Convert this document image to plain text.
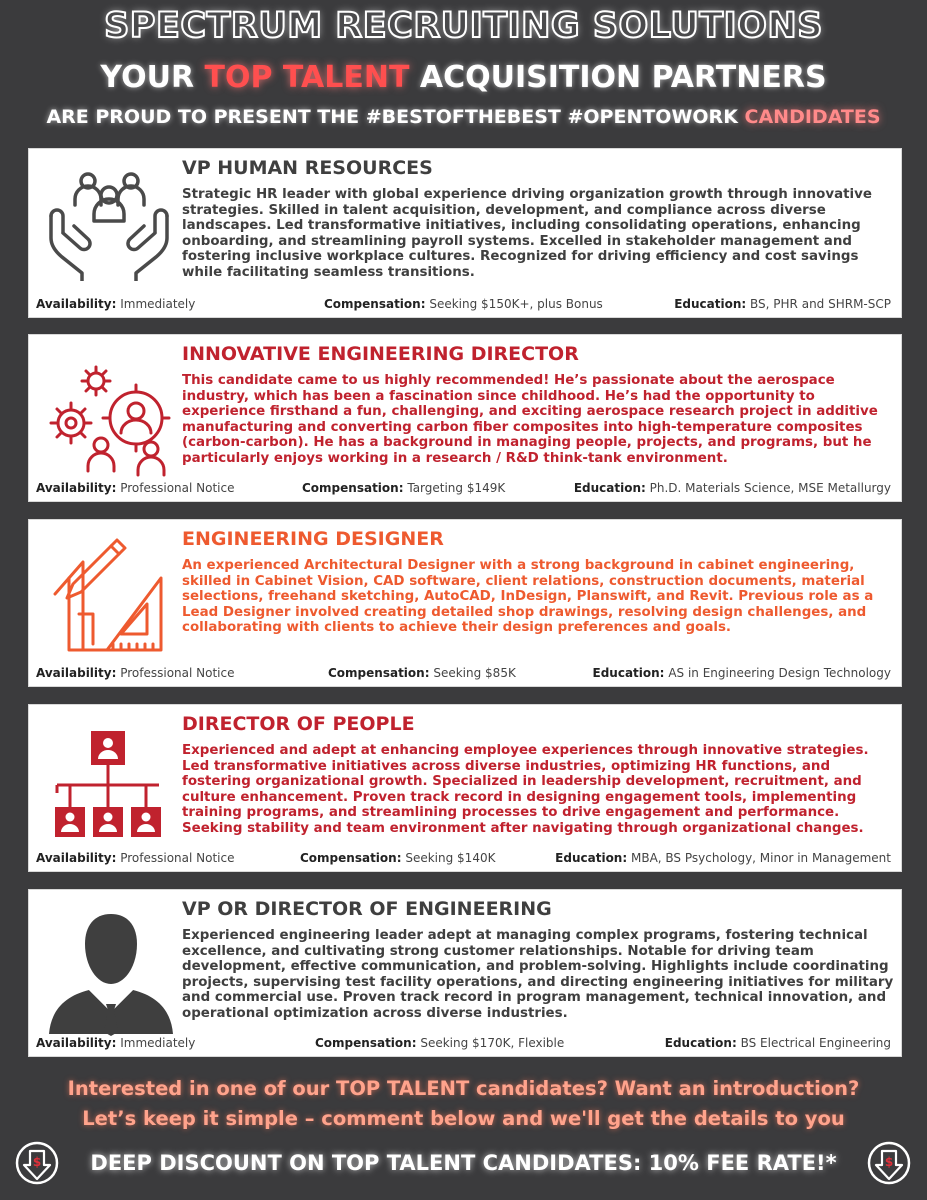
SPECTRUM RECRUITING SOLUTIONS
YOUR TOP TALENT ACQUISITION PARTNERS
ARE PROUD TO PRESENT THE #BESTOFTHEBEST #OPENTOWORK CANDIDATES
VP HUMAN RESOURCES

Strategic HR leader with global experience driving organization growth through innovative strategies. Skilled in talent acquisition, development, and compliance across diverse landscapes. Led transformative initiatives, including consolidating operations, enhancing onboarding, and streamlining payroll systems. Excelled in stakeholder management and fostering inclusive workplace cultures. Recognized for driving efficiency and cost savings while facilitating seamless transitions.

Availability: Immediately	Compensation: Seeking $150K+, plus Bonus	Education: BS, PHR and SHRM-SCP
INNOVATIVE ENGINEERING DIRECTOR

This candidate came to us highly recommended! He’s passionate about the aerospace industry, which has been a fascination since childhood. He’s had the opportunity to experience firsthand a fun, challenging, and exciting aerospace research project in additive manufacturing and converting carbon fiber composites into high-temperature composites (carbon-carbon). He has a background in managing people, projects, and programs, but he particularly enjoys working in a research / R&D think-tank environment.

Availability: Professional Notice	Compensation: Targeting $149K	Education: Ph.D. Materials Science, MSE Metallurgy
ENGINEERING DESIGNER

An experienced Architectural Designer with a strong background in cabinet engineering, skilled in Cabinet Vision, CAD software, client relations, construction documents, material selections, freehand sketching, AutoCAD, InDesign, Planswift, and Revit. Previous role as a Lead Designer involved creating detailed shop drawings, resolving design challenges, and collaborating with clients to achieve their design preferences and goals.

Availability: Professional Notice	Compensation: Seeking $85K	Education: AS in Engineering Design Technology
DIRECTOR OF PEOPLE

Experienced and adept at enhancing employee experiences through innovative strategies. Led transformative initiatives across diverse industries, optimizing HR functions, and fostering organizational growth. Specialized in leadership development, recruitment, and culture enhancement. Proven track record in designing engagement tools, implementing training programs, and streamlining processes to drive engagement and performance. Seeking stability and team environment after navigating through organizational changes.

Availability: Professional Notice	Compensation: Seeking $140K	Education: MBA, BS Psychology, Minor in Management
VP OR DIRECTOR OF ENGINEERING

Experienced engineering leader adept at managing complex programs, fostering technical excellence, and cultivating strong customer relationships. Notable for driving team development, effective communication, and problem-solving. Highlights include coordinating projects, supervising test facility operations, and directing engineering initiatives for military and commercial use. Proven track record in program management, technical innovation, and operational optimization across diverse industries.

Availability: Immediately	Compensation: Seeking $170K, Flexible	Education: BS Electrical Engineering
Interested in one of our TOP TALENT candidates? Want an introduction?
Let’s keep it simple – comment below and we'll get the details to you
$	DEEP DISCOUNT ON TOP TALENT CANDIDATES: 10% FEE RATE!*	$
